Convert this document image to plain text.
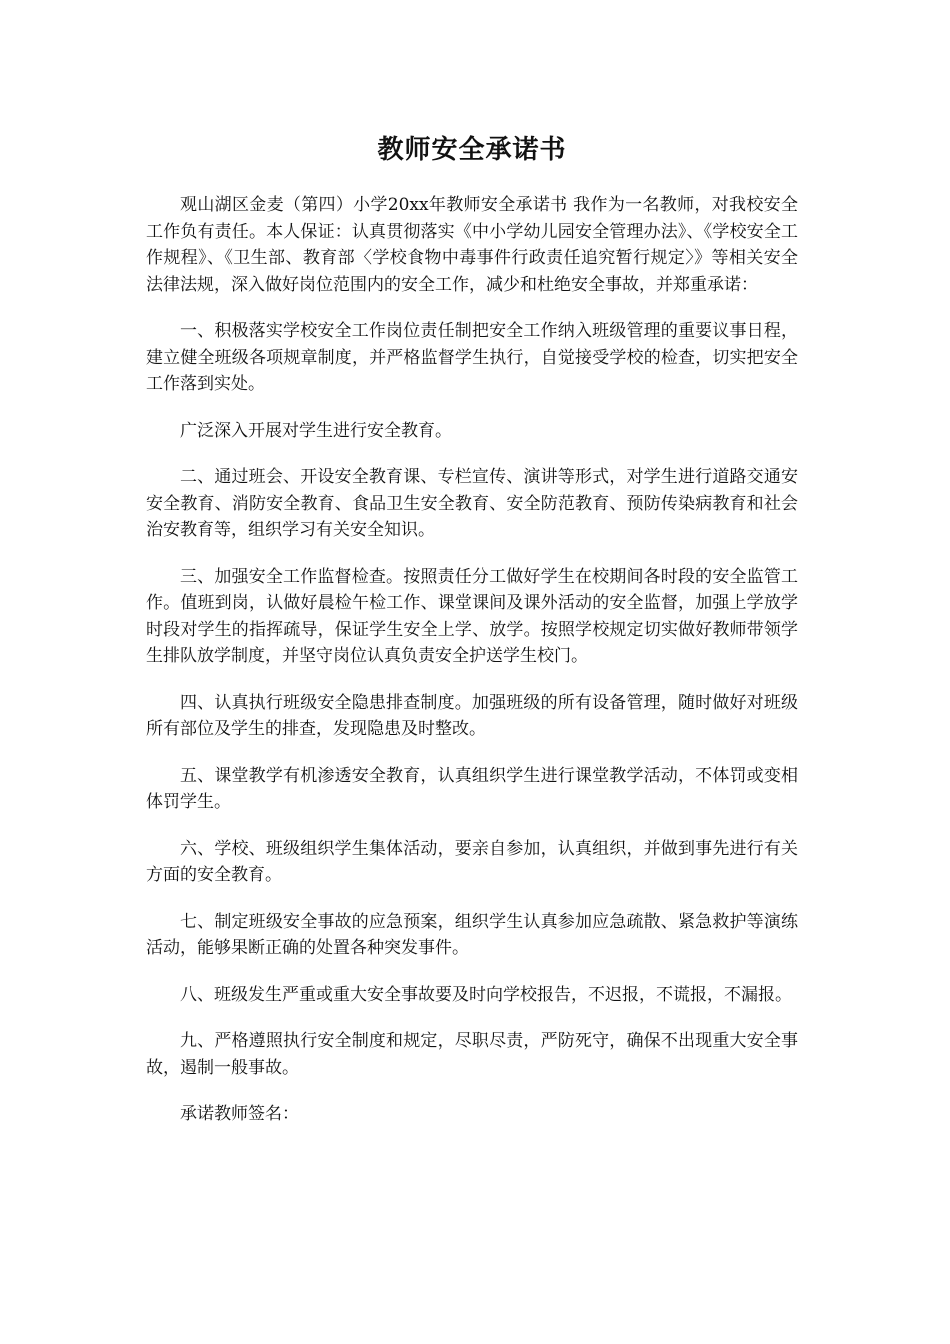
教师安全承诺书

观山湖区金麦（第四）小学20xx年教师安全承诺书 我作为一名教师，对我校安全工作负有责任。本人保证：认真贯彻落实《中小学幼儿园安全管理办法》、《学校安全工作规程》、《卫生部、教育部〈学校食物中毒事件行政责任追究暂行规定〉》等相关安全法律法规，深入做好岗位范围内的安全工作，减少和杜绝安全事故，并郑重承诺：

一、积极落实学校安全工作岗位责任制把安全工作纳入班级管理的重要议事日程，建立健全班级各项规章制度，并严格监督学生执行，自觉接受学校的检查，切实把安全工作落到实处。

广泛深入开展对学生进行安全教育。

二、通过班会、开设安全教育课、专栏宣传、演讲等形式，对学生进行道路交通安安全教育、消防安全教育、食品卫生安全教育、安全防范教育、预防传染病教育和社会治安教育等，组织学习有关安全知识。

三、加强安全工作监督检查。按照责任分工做好学生在校期间各时段的安全监管工作。值班到岗，认做好晨检午检工作、课堂课间及课外活动的安全监督，加强上学放学时段对学生的指挥疏导，保证学生安全上学、放学。按照学校规定切实做好教师带领学生排队放学制度，并坚守岗位认真负责安全护送学生校门。

四、认真执行班级安全隐患排查制度。加强班级的所有设备管理，随时做好对班级所有部位及学生的排查，发现隐患及时整改。

五、课堂教学有机渗透安全教育，认真组织学生进行课堂教学活动，不体罚或变相体罚学生。

六、学校、班级组织学生集体活动，要亲自参加，认真组织，并做到事先进行有关方面的安全教育。

七、制定班级安全事故的应急预案，组织学生认真参加应急疏散、紧急救护等演练活动，能够果断正确的处置各种突发事件。

八、班级发生严重或重大安全事故要及时向学校报告，不迟报，不谎报，不漏报。

九、严格遵照执行安全制度和规定，尽职尽责，严防死守，确保不出现重大安全事故，遏制一般事故。

承诺教师签名：
